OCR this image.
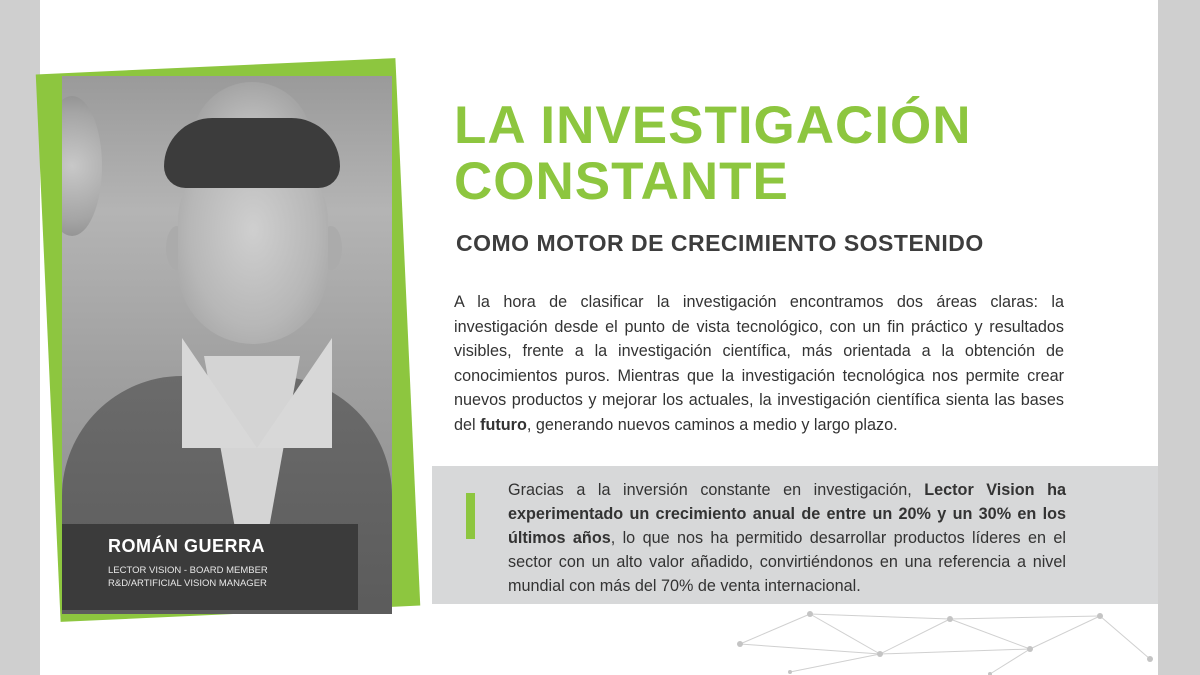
ROMÁN GUERRA
LECTOR VISION - BOARD MEMBER
R&D/ARTIFICIAL VISION MANAGER
LA INVESTIGACIÓN CONSTANTE
COMO MOTOR DE CRECIMIENTO SOSTENIDO

A la hora de clasificar la investigación encontramos dos áreas claras: la investigación desde el punto de vista tecnológico, con un fin práctico y resultados visibles, frente a la investigación científica, más orientada a la obtención de conocimientos puros. Mientras que la investigación tecnológica nos permite crear nuevos productos y mejorar los actuales, la investigación científica sienta las bases del futuro, generando nuevos caminos a medio y largo plazo.

Gracias a la inversión constante en investigación, Lector Vision ha experimentado un crecimiento anual de entre un 20% y un 30% en los últimos años, lo que nos ha permitido desarrollar productos líderes en el sector con un alto valor añadido, convirtiéndonos en una referencia a nivel mundial con más del 70% de venta internacional.
